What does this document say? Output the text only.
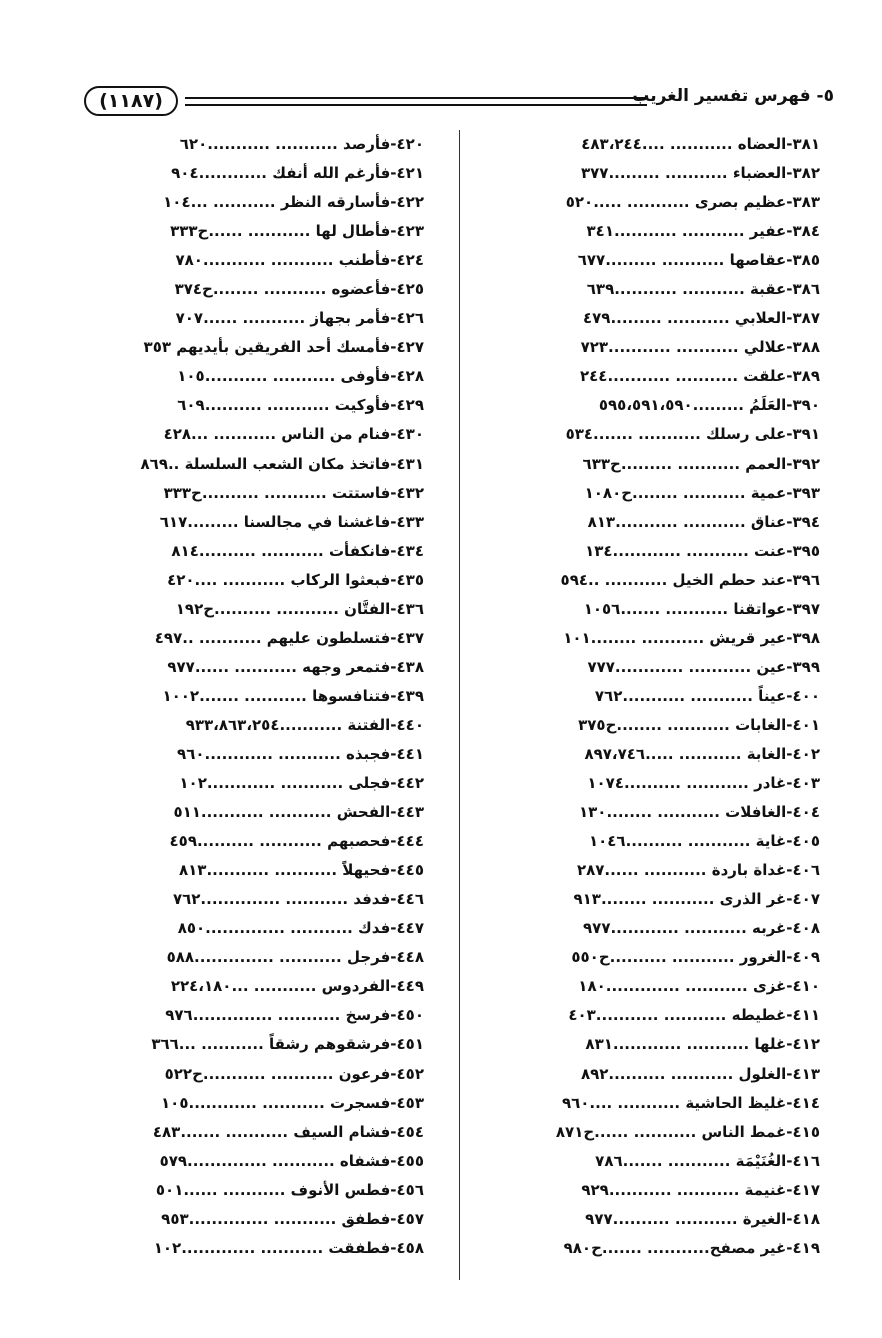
٥- فهرس تفسير الغريب
(١١٨٧)
٣٨١-العضاه ........... ....٤٨٣،٢٤٤
٣٨٢-العضباء ........... .........٣٧٧
٣٨٣-عظيم بصرى ........... .....٥٢٠
٣٨٤-عفير ........... ...........٣٤١
٣٨٥-عقاصها ........... .........٦٧٧
٣٨٦-عقبة ........... ...........٦٣٩
٣٨٧-العلابي ........... .........٤٧٩
٣٨٨-علالي ........... ...........٧٢٣
٣٨٩-علقت ........... ...........٢٤٤
٣٩٠-العَلَمُ .........٥٩٥،٥٩١،٥٩٠
٣٩١-على رسلك ........... .......٥٣٤
٣٩٢-العمم ........... .........ح٦٣٣
٣٩٣-عمية ........... ........ح١٠٨٠
٣٩٤-عناق ........... ...........٨١٣
٣٩٥-عنت ........... ............١٣٤
٣٩٦-عند حطم الخيل ........... ..٥٩٤
٣٩٧-عواتقنا ........... .......١٠٥٦
٣٩٨-عير قريش ........... ........١٠١
٣٩٩-عين ........... ............٧٧٧
٤٠٠-عيناً ........... ...........٧٦٢
٤٠١-الغابات ........... ........ح٣٧٥
٤٠٢-الغابة ........... .....٨٩٧،٧٤٦
٤٠٣-غادر ........... ..........١٠٧٤
٤٠٤-الغافلات ........... ........١٣٠
٤٠٥-غاية ........... ..........١٠٤٦
٤٠٦-غداة باردة ........... ......٢٨٧
٤٠٧-غر الذرى ........... ........٩١٣
٤٠٨-غربه ........... ............٩٧٧
٤٠٩-الغرور ........... ..........ح٥٥٠
٤١٠-غزى ........... .............١٨٠
٤١١-غطيطه ........... ...........٤٠٣
٤١٢-غلها ........... ............٨٣١
٤١٣-الغلول ........... ..........٨٩٢
٤١٤-غليظ الحاشية ........... ....٩٦٠
٤١٥-غمط الناس ........... ......ح٨٧١
٤١٦-الغُنَيْمَة ........... .......٧٨٦
٤١٧-غنيمة ........... ...........٩٢٩
٤١٨-الغيرة ........... ..........٩٧٧
٤١٩-غير مصفح........... .......ح٩٨٠
٤٢٠-فأرصد ........... ...........٦٢٠
٤٢١-فأرغم الله أنفك ............٩٠٤
٤٢٢-فأسارقه النظر ........... ...١٠٤
٤٢٣-فأطال لها ........... ......ح٣٣٣
٤٢٤-فأطنب ........... ...........٧٨٠
٤٢٥-فأعضوه ........... ........ح٣٧٤
٤٢٦-فأمر بجهاز ........... ......٧٠٧
٤٢٧-فأمسك أحد الفريقين بأيديهم ٣٥٣
٤٢٨-فأوفى ........... ...........١٠٥
٤٢٩-فأوكيت ........... ..........٦٠٩
٤٣٠-فنام من الناس ........... ...٤٢٨
٤٣١-فاتخذ مكان الشعب السلسلة ..٨٦٩
٤٣٢-فاستتت ........... ..........ح٣٣٣
٤٣٣-فاغشنا في مجالسنا .........٦١٧
٤٣٤-فانكفأت ........... ..........٨١٤
٤٣٥-فبعثوا الركاب ........... ....٤٢٠
٤٣٦-الفتَّان ........... ..........ح١٩٢
٤٣٧-فتسلطون عليهم ........... ..٤٩٧
٤٣٨-فتمعر وجهه ........... ......٩٧٧
٤٣٩-فتنافسوها ........... .......١٠٠٢
٤٤٠-الفتنة ...........٩٣٣،٨٦٣،٢٥٤
٤٤١-فجبذه ........... ............٩٦٠
٤٤٢-فجلى ........... ............١٠٢
٤٤٣-الفحش ........... ...........٥١١
٤٤٤-فحصبهم ........... ..........٤٥٩
٤٤٥-فحيهلاً ........... ...........٨١٣
٤٤٦-فدفد ........... ..............٧٦٢
٤٤٧-فدك ........... ..............٨٥٠
٤٤٨-فرجل ........... ..............٥٨٨
٤٤٩-الفردوس ........... ...٢٢٤،١٨٠
٤٥٠-فرسخ ........... ..............٩٧٦
٤٥١-فرشقوهم رشقاً ........... ...٣٦٦
٤٥٢-فرعون ........... ...........ح٥٢٢
٤٥٣-فسجرت ........... ............١٠٥
٤٥٤-فشام السيف ........... .......٤٨٣
٤٥٥-فشفاه ........... ..............٥٧٩
٤٥٦-فطس الأنوف ........... ......٥٠١
٤٥٧-فطفق ........... ..............٩٥٣
٤٥٨-فطفقت ........... .............١٠٢
